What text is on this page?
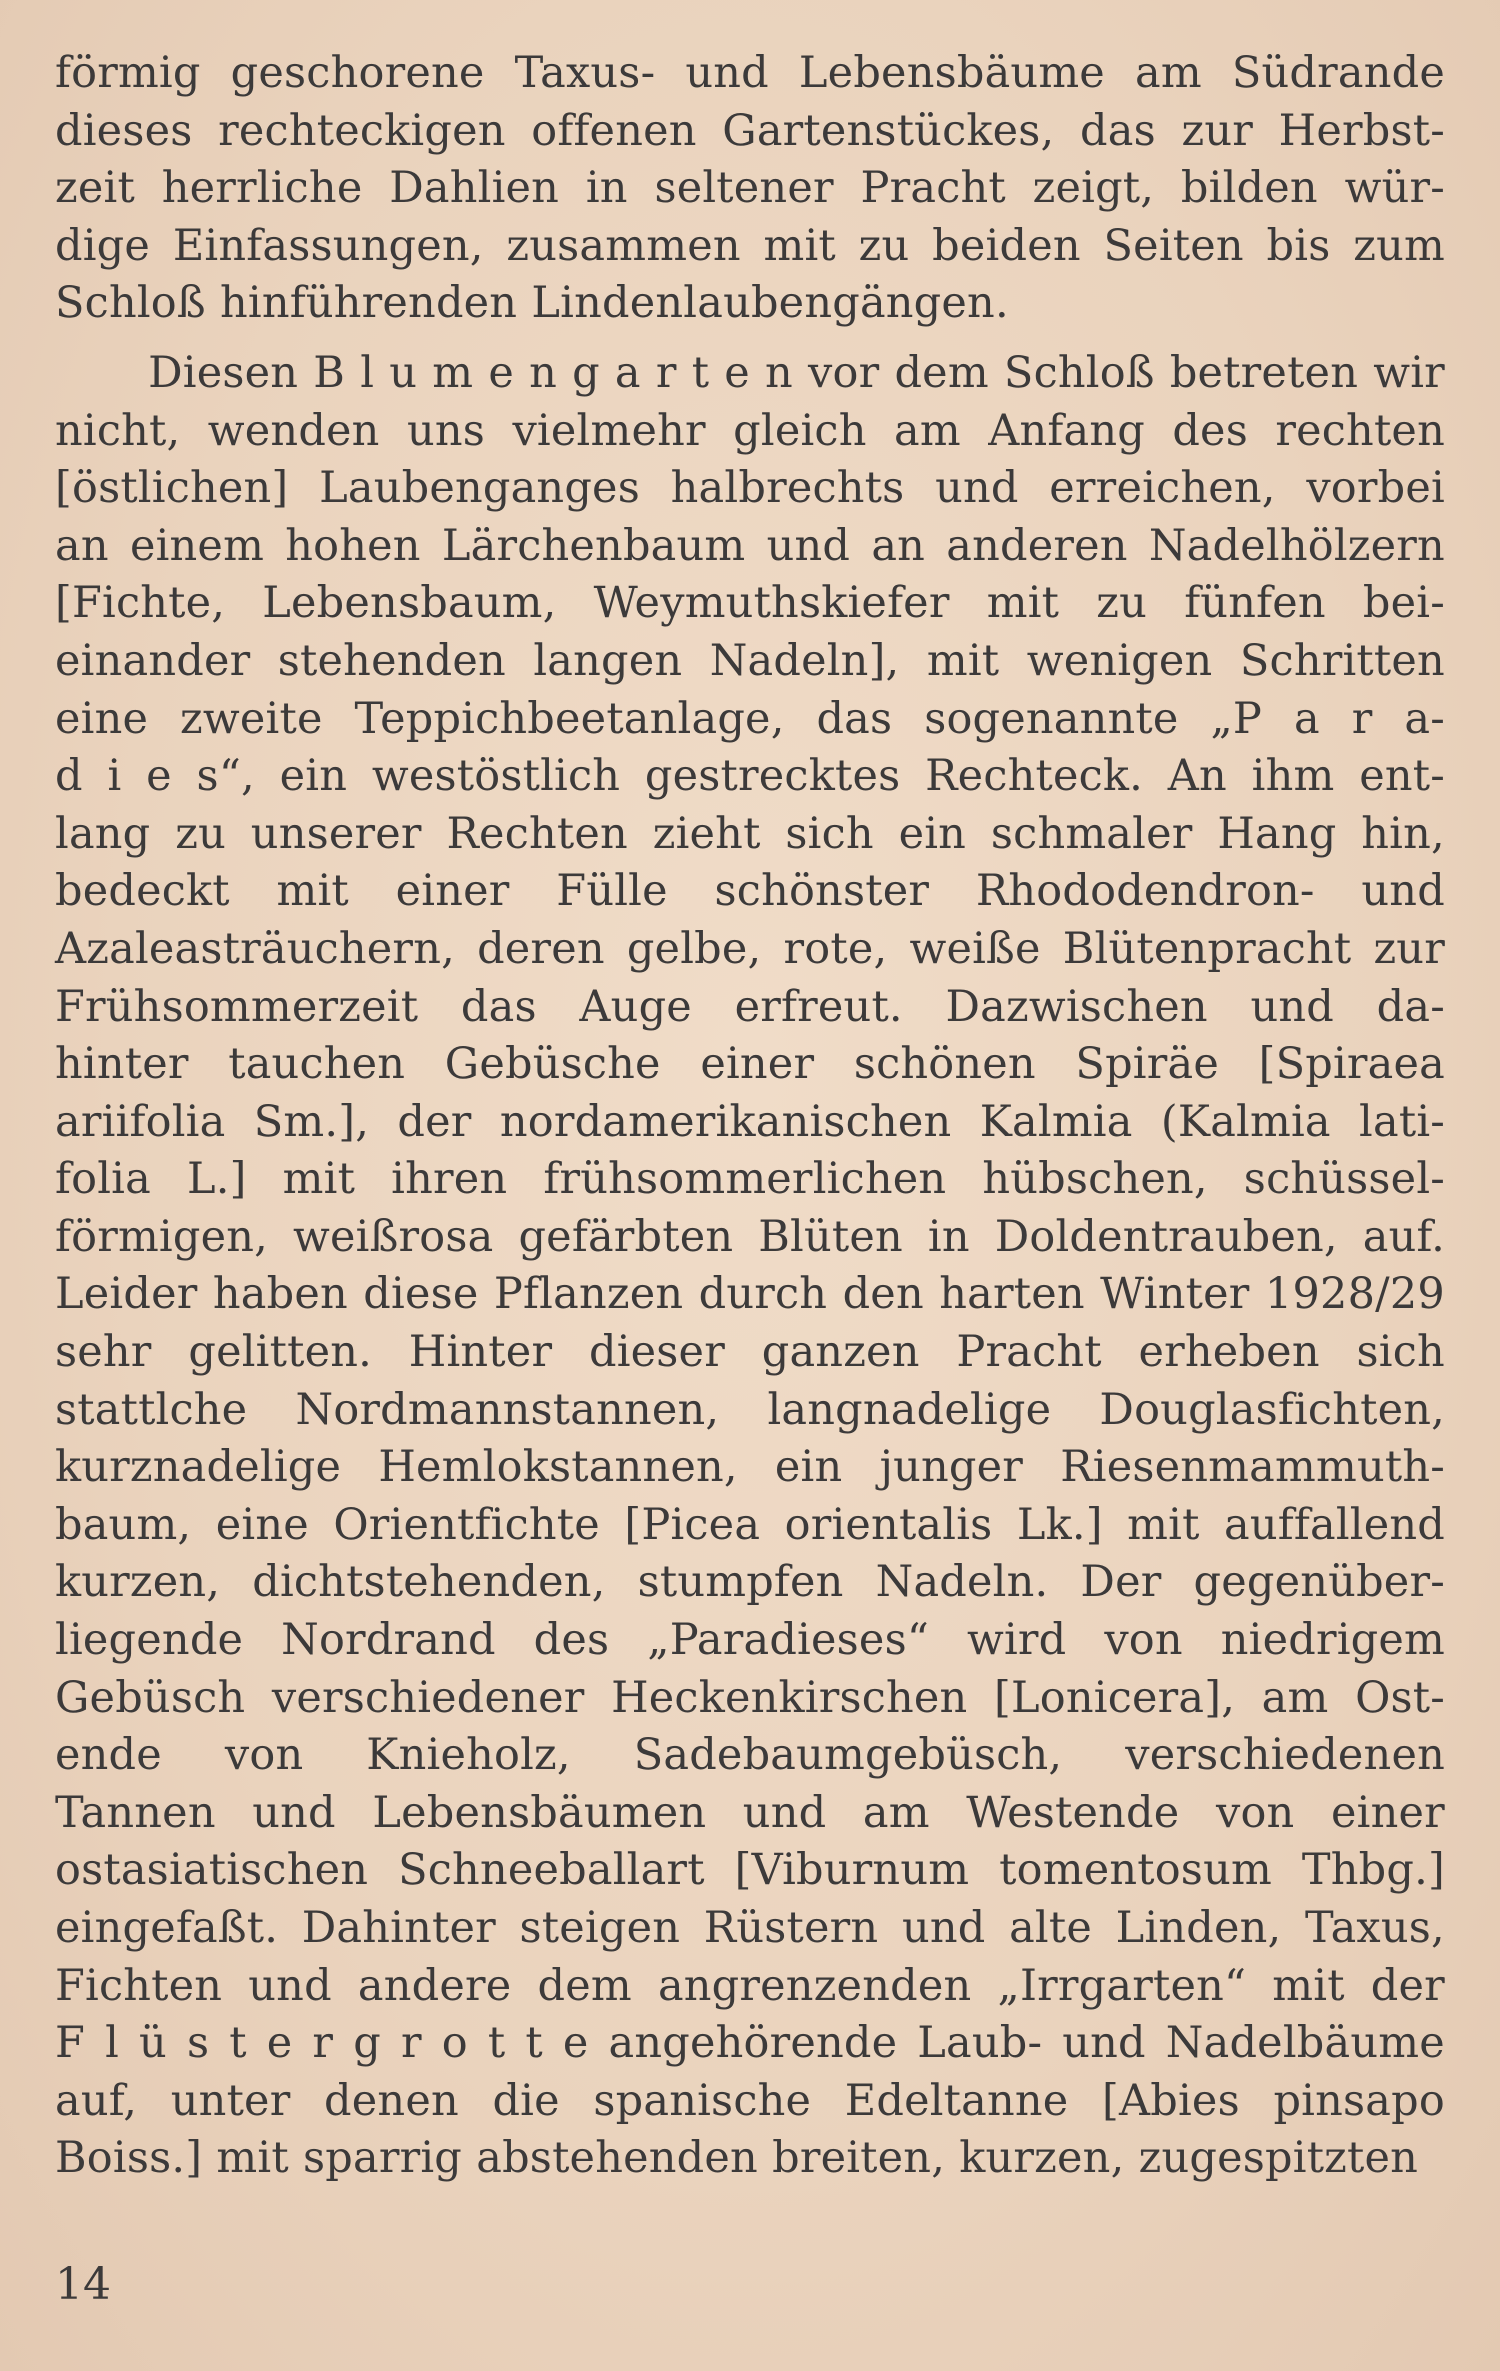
förmig geschorene Taxus- und Lebensbäume am Südrande
dieses rechteckigen offenen Gartenstückes, das zur Herbst-
zeit herrliche Dahlien in seltener Pracht zeigt, bilden wür-
dige Einfassungen, zusammen mit zu beiden Seiten bis zum
Schloß hinführenden Lindenlaubengängen.
Diesen B l u m e n g a r t e n vor dem Schloß betreten wir
nicht, wenden uns vielmehr gleich am Anfang des rechten
[östlichen] Laubenganges halbrechts und erreichen, vorbei
an einem hohen Lärchenbaum und an anderen Nadelhölzern
[Fichte, Lebensbaum, Weymuthskiefer mit zu fünfen bei-
einander stehenden langen Nadeln], mit wenigen Schritten
eine zweite Teppichbeetanlage, das sogenannte „P a r a-
d i e s“, ein westöstlich gestrecktes Rechteck. An ihm ent-
lang zu unserer Rechten zieht sich ein schmaler Hang hin,
bedeckt mit einer Fülle schönster Rhododendron- und
Azaleasträuchern, deren gelbe, rote, weiße Blütenpracht zur
Frühsommerzeit das Auge erfreut. Dazwischen und da-
hinter tauchen Gebüsche einer schönen Spiräe [Spiraea
ariifolia Sm.], der nordamerikanischen Kalmia (Kalmia lati-
folia L.] mit ihren frühsommerlichen hübschen, schüssel-
förmigen, weißrosa gefärbten Blüten in Doldentrauben, auf.
Leider haben diese Pflanzen durch den harten Winter 1928/29
sehr gelitten. Hinter dieser ganzen Pracht erheben sich
stattlche Nordmannstannen, langnadelige Douglasfichten,
kurznadelige Hemlokstannen, ein junger Riesenmammuth-
baum, eine Orientfichte [Picea orientalis Lk.] mit auffallend
kurzen, dichtstehenden, stumpfen Nadeln. Der gegenüber-
liegende Nordrand des „Paradieses“ wird von niedrigem
Gebüsch verschiedener Heckenkirschen [Lonicera], am Ost-
ende von Knieholz, Sadebaumgebüsch, verschiedenen
Tannen und Lebensbäumen und am Westende von einer
ostasiatischen Schneeballart [Viburnum tomentosum Thbg.]
eingefaßt. Dahinter steigen Rüstern und alte Linden, Taxus,
Fichten und andere dem angrenzenden „Irrgarten“ mit der
F l ü s t e r g r o t t e angehörende Laub- und Nadelbäume
auf, unter denen die spanische Edeltanne [Abies pinsapo
Boiss.] mit sparrig abstehenden breiten, kurzen, zugespitzten
14
